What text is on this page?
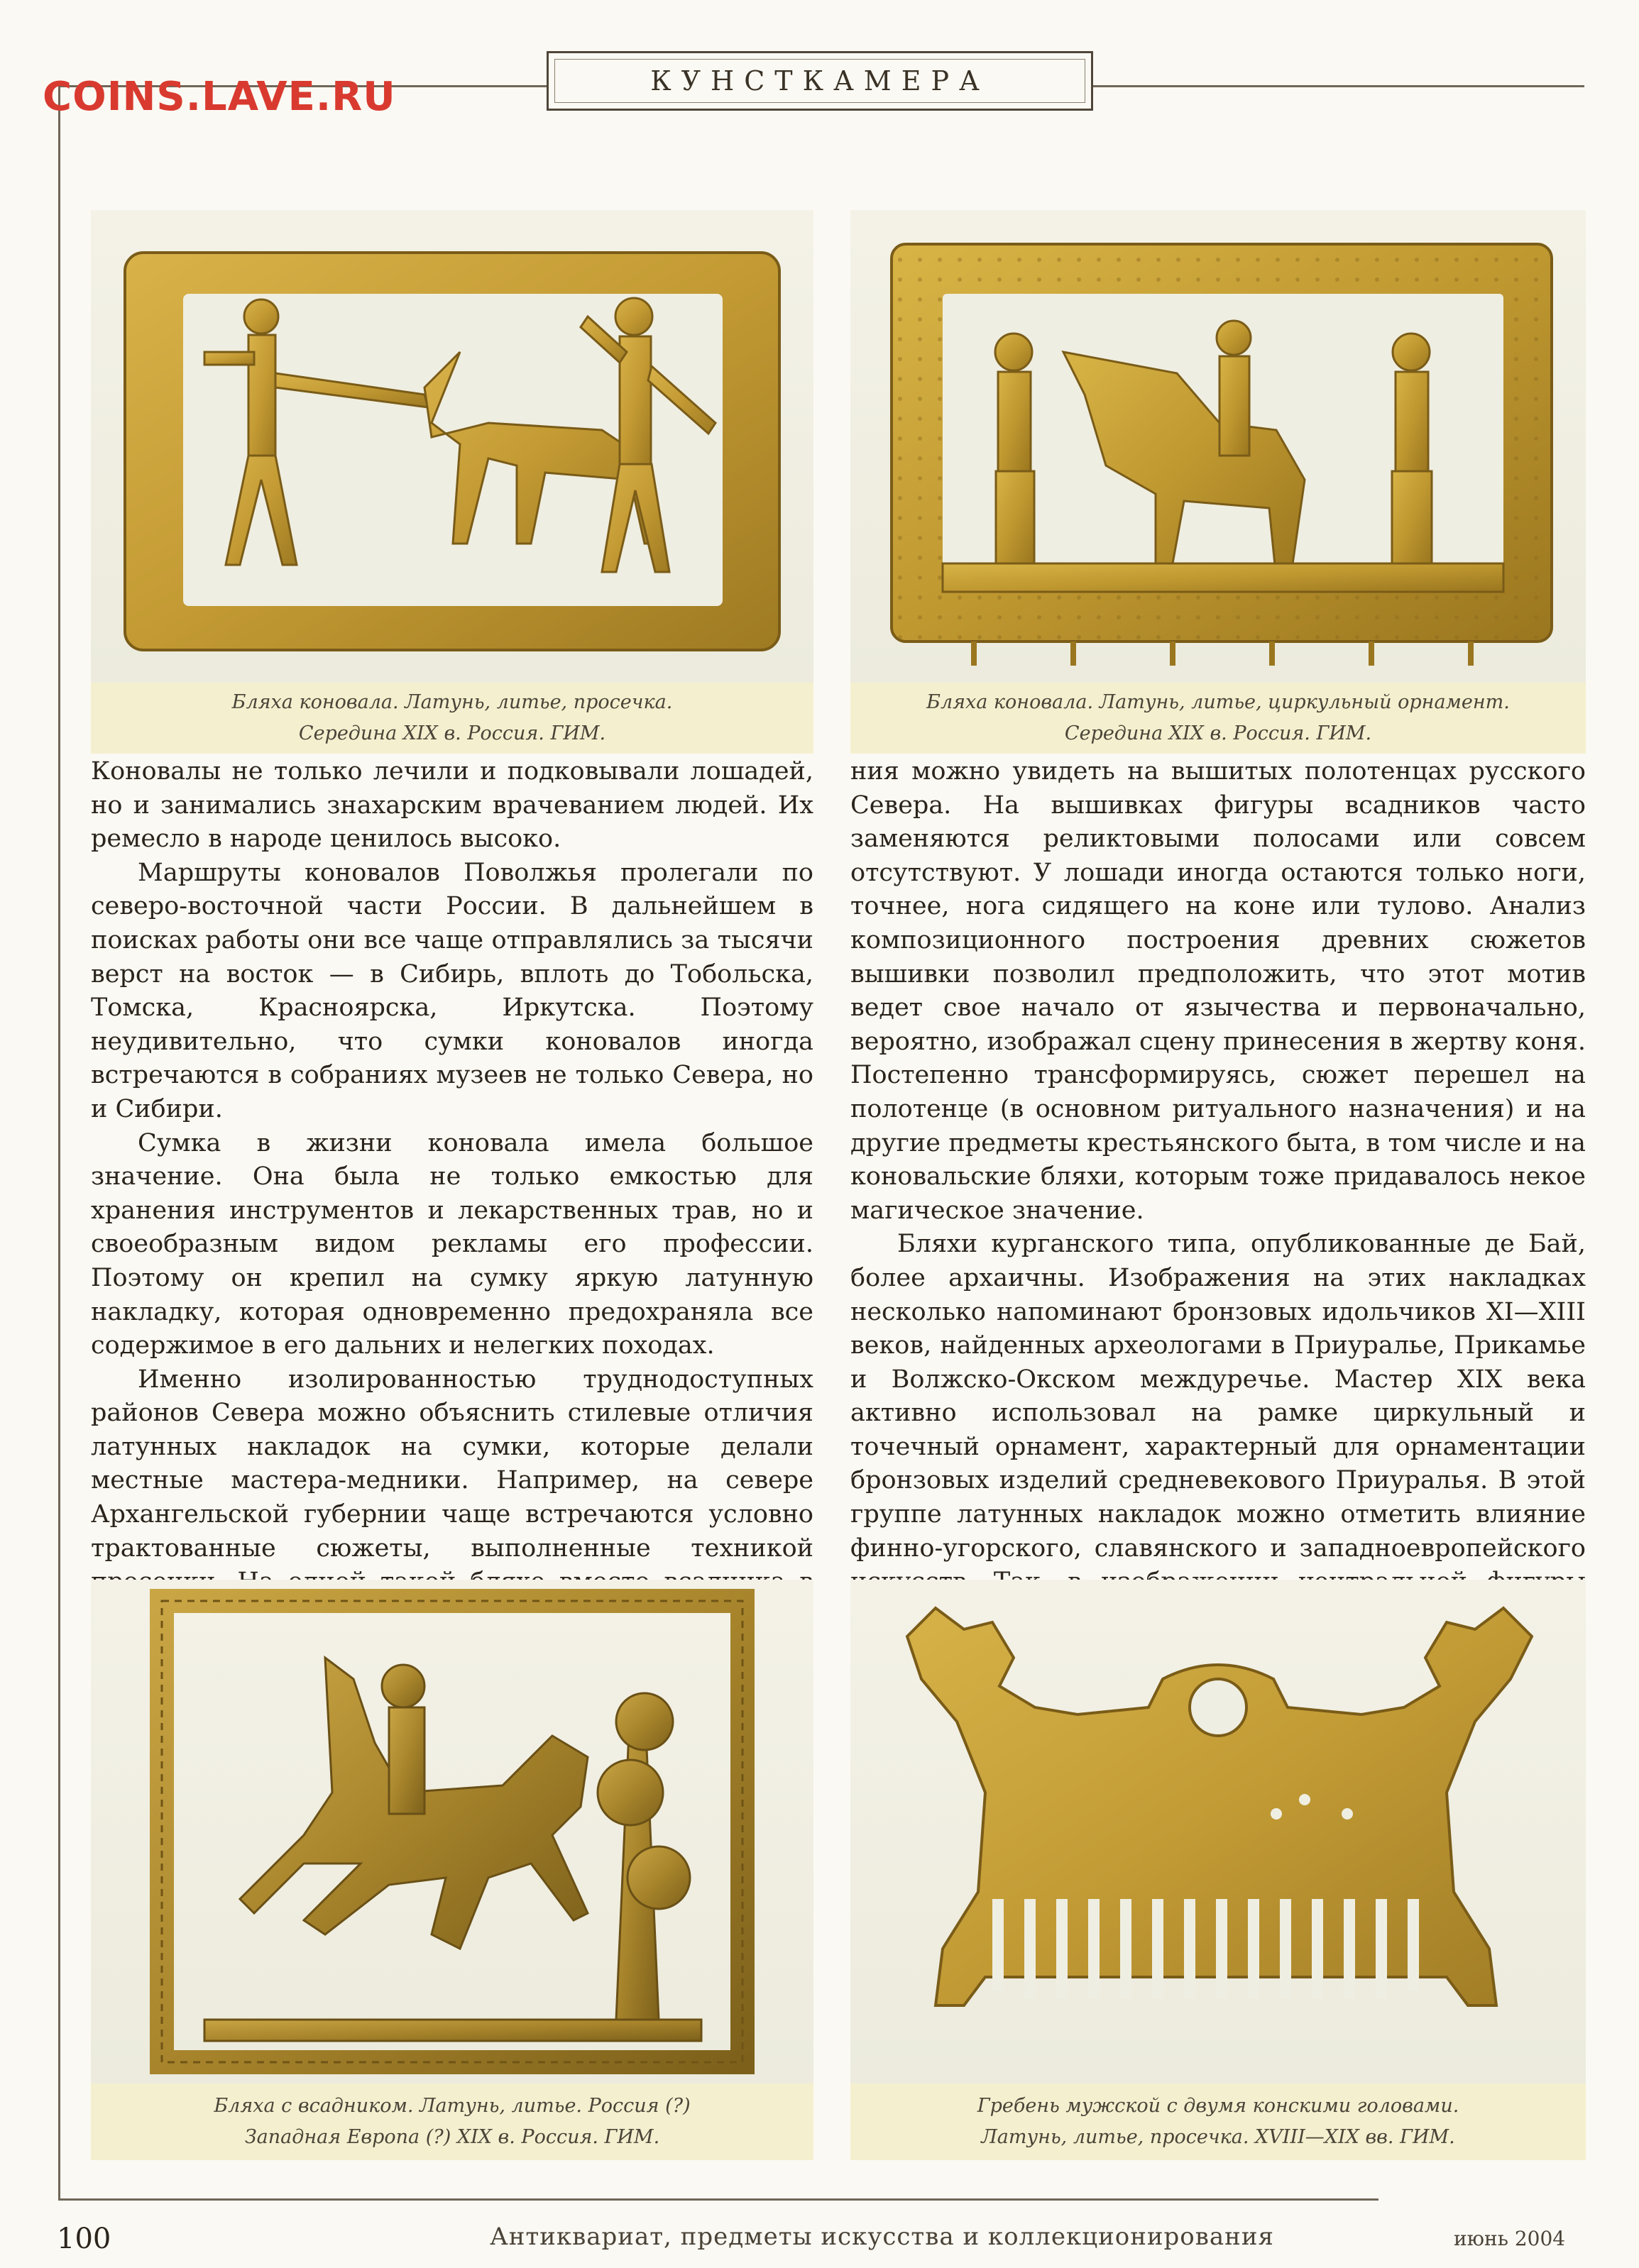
КУНСТКАМЕРА
COINS.LAVE.RU
Бляха коновала. Латунь, литье, просечка.
Середина XIX в. Россия. ГИМ.
Бляха коновала. Латунь, литье, циркульный орнамент.
Середина XIX в. Россия. ГИМ.

Коновалы не только лечили и подковывали лошадей, но и занимались знахарским врачеванием людей. Их ремесло в народе ценилось высоко.

Маршруты коновалов Поволжья пролегали по северо-восточной части России. В дальнейшем в поисках работы они все чаще отправлялись за тысячи верст на восток — в Сибирь, вплоть до Тобольска, Томска, Красноярска, Иркутска. Поэтому неудивительно, что сумки коновалов иногда встречаются в собраниях музеев не только Севера, но и Сибири.

Сумка в жизни коновала имела большое значение. Она была не только емкостью для хранения инструментов и лекарственных трав, но и своеобразным видом рекламы его профессии. Поэтому он крепил на сумку яркую латунную накладку, которая одновременно предохраняла все содержимое в его дальних и нелегких походах.

Именно изолированностью труднодоступных районов Севера можно объяснить стилевые отличия латунных накладок на сумки, которые делали местные мастера-медники. Например, на севере Архангельской губернии чаще встречаются условно трактованные сюжеты, выполненные техникой

ния можно увидеть на вышитых полотенцах русского Севера. На вышивках фигуры всадников часто заменяются реликтовыми полосами или совсем отсутствуют. У лошади иногда остаются только ноги, точнее, нога сидящего на коне или тулово. Анализ композиционного построения древних сюжетов вышивки позволил предположить, что этот мотив ведет свое начало от язычества и первоначально, вероятно, изображал сцену принесения в жертву коня. Постепенно трансформируясь, сюжет перешел на полотенце (в основном ритуального назначения) и на другие предметы крестьянского быта, в том числе и на коновальские бляхи, которым тоже придавалось некое магическое значение.

Бляхи курганского типа, опубликованные де Бай, более архаичны. Изображения на этих накладках несколько напоминают бронзовых идольчиков XI—XIII веков, найденных археологами в Приуралье, Прикамье и Волжско-Окском междуречье. Мастер XIX века активно использовал на рамке циркульный и точечный орнамент, характерный для орнаментации бронзовых изделий средневекового Приуралья. В этой группе латунных накладок можно отметить влияние финно-угорского, славянского и западноевропейского

Бляха с всадником. Латунь, литье. Россия (?)
Западная Европа (?) XIX в. Россия. ГИМ.
Гребень мужской с двумя конскими головами.
Латунь, литье, просечка. XVIII—XIX вв. ГИМ.
100	Антиквариат, предметы искусства и коллекционирования	июнь 2004
